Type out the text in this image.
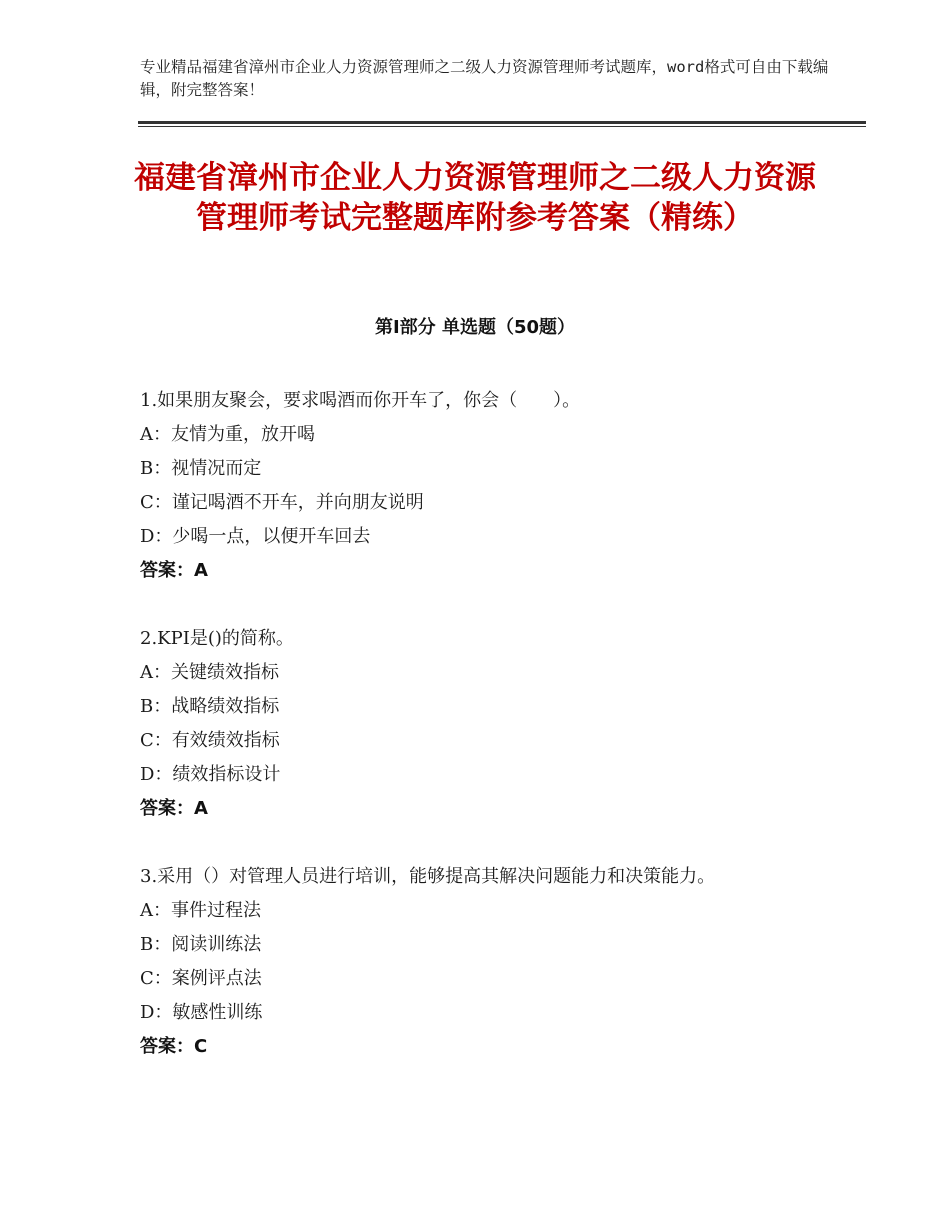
专业精品福建省漳州市企业人力资源管理师之二级人力资源管理师考试题库，word格式可自由下载编辑，附完整答案！
福建省漳州市企业人力资源管理师之二级人力资源管理师考试完整题库附参考答案（精练）
第Ⅰ部分 单选题（50题）
1.如果朋友聚会，要求喝酒而你开车了，你会（　　）。
A：友情为重，放开喝
B：视情况而定
C：谨记喝酒不开车，并向朋友说明
D：少喝一点，以便开车回去
答案：A
2.KPI是()的简称。
A：关键绩效指标
B：战略绩效指标
C：有效绩效指标
D：绩效指标设计
答案：A
3.采用（）对管理人员进行培训，能够提高其解决问题能力和决策能力。
A：事件过程法
B：阅读训练法
C：案例评点法
D：敏感性训练
答案：C
